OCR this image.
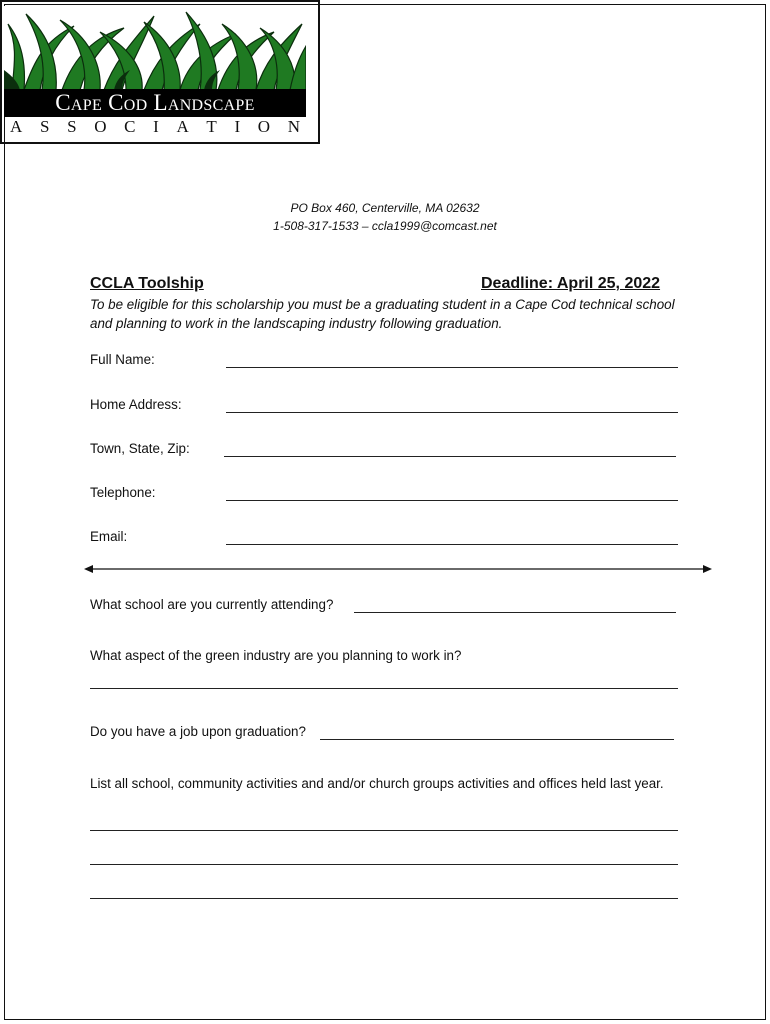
Cape Cod Landscape
A S S O C I A T I O N
PO Box 460, Centerville, MA 02632
1-508-317-1533 – ccla1999@comcast.net
CCLA Toolship	Deadline: April 25, 2022
To be eligible for this scholarship you must be a graduating student in a Cape Cod technical school and planning to work in the landscaping industry following graduation.
Full Name:
Home Address:
Town, State, Zip:
Telephone:
Email:
What school are you currently attending?
What aspect of the green industry are you planning to work in?
Do you have a job upon graduation?
List all school, community activities and and/or church groups activities and offices held last year.
